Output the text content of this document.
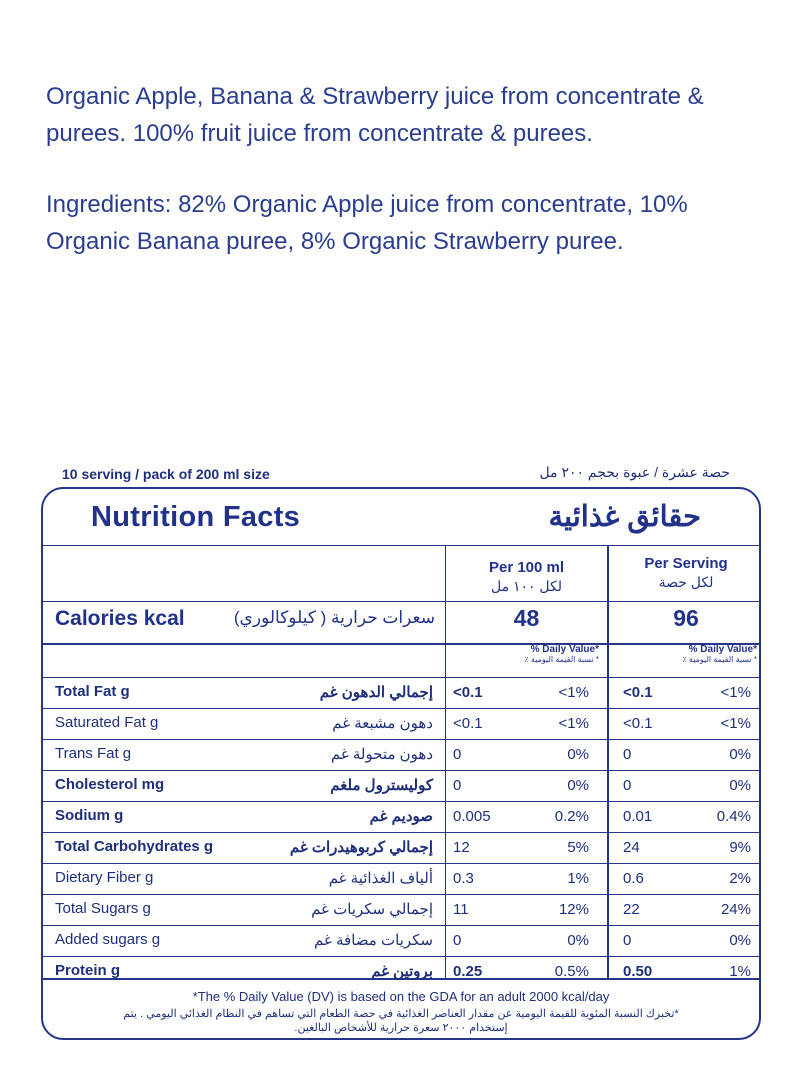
Organic Apple, Banana & Strawberry juice from concentrate & purees. 100% fruit juice from concentrate & purees.

Ingredients: 82% Organic Apple juice from concentrate, 10% Organic Banana puree, 8% Organic Strawberry puree.

10 serving / pack of 200 ml size	حصة عشرة / عبوة بحجم ٢٠٠ مل
Nutrition Facts	حقائق غذائية
Per 100 ml
لكل ١٠٠ مل
Per Serving
لكل حصة
Calories kcal	سعرات حرارية ( كيلوكالوري)	48	96
% Daily Value*
* نسبة القيمة اليومية ٪
% Daily Value*
* نسبة القيمة اليومية ٪
Total Fat g	إجمالي الدهون غم <0.1	<1% <0.1	<1%
Saturated Fat g	دهون مشبعة غم <0.1	<1% <0.1	<1%
Trans Fat g	دهون متحولة غم 0	0% 0	0%
Cholesterol mg	كوليسترول ملغم 0	0% 0	0%
Sodium g	صوديم غم 0.005	0.2% 0.01	0.4%
Total Carbohydrates g	إجمالي كربوهيدرات غم 12	5% 24	9%
Dietary Fiber g	ألياف الغذائية غم 0.3	1% 0.6	2%
Total Sugars g	إجمالي سكريات غم 11	12% 22	24%
Added sugars g	سكريات مضافة غم 0	0% 0	0%
Protein g	بروتين غم 0.25	0.5% 0.50	1%
*The % Daily Value (DV) is based on the GDA for an adult 2000 kcal/day
*تخبرك النسبة المئوية للقيمة اليومية عن مقدار العناصر الغذائية في حصة الطعام التي تساهم في النظام الغذائي اليومي . يتم إستخدام ٢٠٠٠ سعرة حرارية للأشخاص البالغين.
